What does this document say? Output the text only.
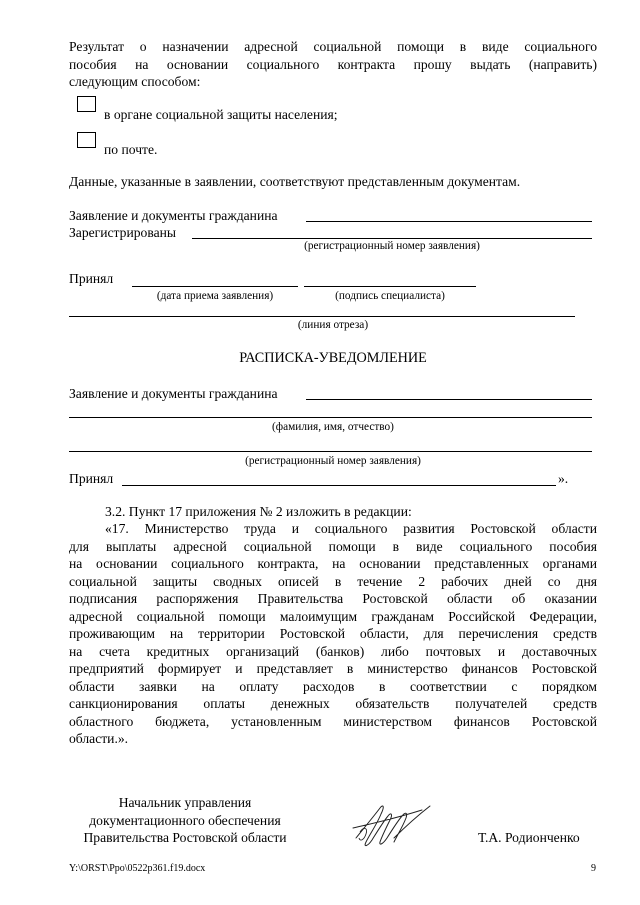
Результат о назначении адресной социальной помощи в виде социального
пособия на основании социального контракта прошу выдать (направить)
следующим способом:
в органе социальной защиты населения;
по почте.
Данные, указанные в заявлении, соответствуют представленным документам.
Заявление и документы гражданина
Зарегистрированы
(регистрационный номер заявления)
Принял
(дата приема заявления)	(подпись специалиста)
(линия отреза)
РАСПИСКА-УВЕДОМЛЕНИЕ
Заявление и документы гражданина
(фамилия, имя, отчество)
(регистрационный номер заявления)
Принял	».
3.2. Пункт 17 приложения № 2 изложить в редакции:
«17. Министерство труда и социального развития Ростовской области
для выплаты адресной социальной помощи в виде социального пособия
на основании социального контракта, на основании представленных органами
социальной защиты сводных описей в течение 2 рабочих дней со дня
подписания распоряжения Правительства Ростовской области об оказании
адресной социальной помощи малоимущим гражданам Российской Федерации,
проживающим на территории Ростовской области, для перечисления средств
на счета кредитных организаций (банков) либо почтовых и доставочных
предприятий формирует и представляет в министерство финансов Ростовской
области заявки на оплату расходов в соответствии с порядком
санкционирования оплаты денежных обязательств получателей средств
областного бюджета, установленным министерством финансов Ростовской
области.».
Начальник управления
документационного обеспечения
Правительства Ростовской области	Т.А. Родионченко
Y:\ORST\Ppo\0522p361.f19.docx	9
